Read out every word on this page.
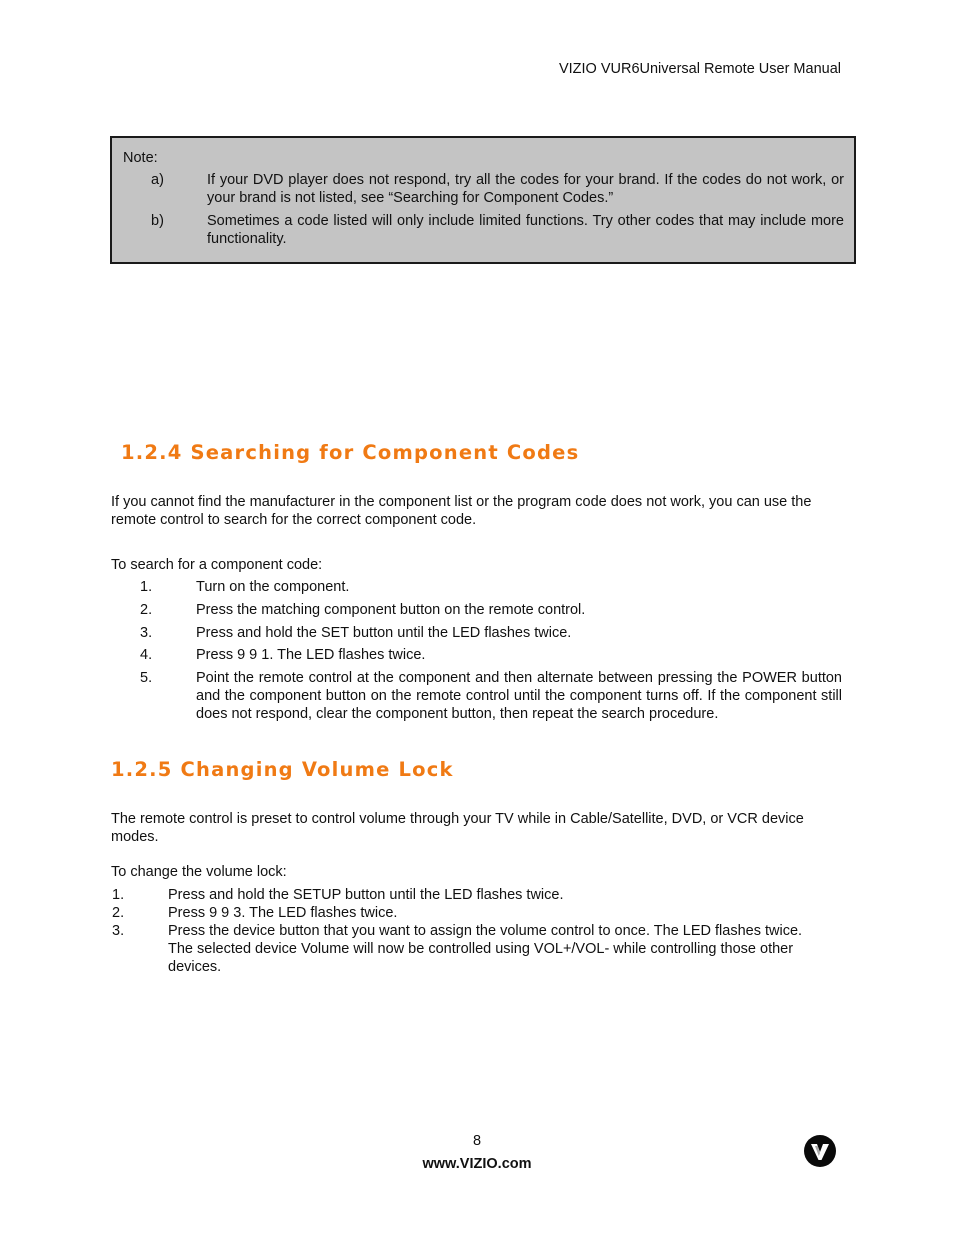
VIZIO VUR6Universal Remote User Manual
Note:
a)	If your DVD player does not respond, try all the codes for your brand. If the codes do not work, or your brand is not listed, see “Searching for Component Codes.”
b)	Sometimes a code listed will only include limited functions. Try other codes that may include more functionality.
1.2.4 Searching for Component Codes
If you cannot find the manufacturer in the component list or the program code does not work, you can use the remote control to search for the correct component code.
To search for a component code:
1.	Turn on the component.
2.	Press the matching component button on the remote control.
3.	Press and hold the SET button until the LED flashes twice.
4.	Press 9 9 1. The LED flashes twice.
5.	Point the remote control at the component and then alternate between pressing the POWER button and the component button on the remote control until the component turns off. If the component still does not respond, clear the component button, then repeat the search procedure.
1.2.5 Changing Volume Lock
The remote control is preset to control volume through your TV while in Cable/Satellite, DVD, or VCR device modes.
To change the volume lock:
1.	Press and hold the SETUP button until the LED flashes twice.
2.	Press 9 9 3. The LED flashes twice.
3.	Press the device button that you want to assign the volume control to once. The LED flashes twice. The selected device Volume will now be controlled using VOL+/VOL- while controlling those other devices.
8
www.VIZIO.com
